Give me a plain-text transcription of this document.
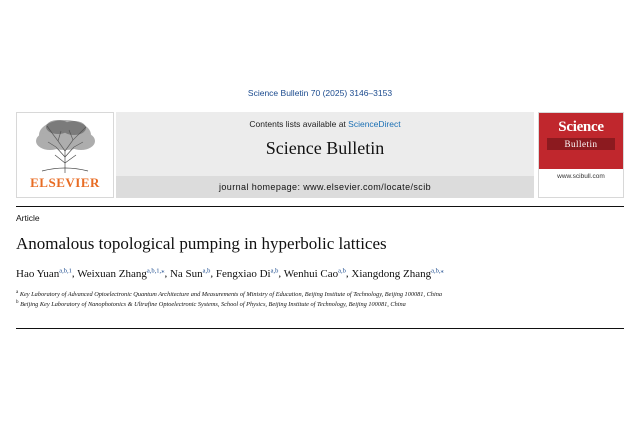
Science Bulletin 70 (2025) 3146–3153
ELSEVIER
Contents lists available at ScienceDirect
Science Bulletin
journal homepage: www.elsevier.com/locate/scib
Science
Bulletin
www.scibull.com
Article
Anomalous topological pumping in hyperbolic lattices
Hao Yuan$^{a,b,1}$, Weixuan Zhang$^{a,b,1,⁎}$, Na Sun$^{a,b}$, Fengxiao Di$^{a,b}$, Wenhui Cao$^{a,b}$, Xiangdong Zhang$^{a,b,⁎}$
$^a$ Key Laboratory of Advanced Optoelectronic Quantum Architecture and Measurements of Ministry of Education, Beijing Institute of Technology, Beijing 100081, China
$^b$ Beijing Key Laboratory of Nanophotonics & Ultrafine Optoelectronic Systems, School of Physics, Beijing Institute of Technology, Beijing 100081, China
